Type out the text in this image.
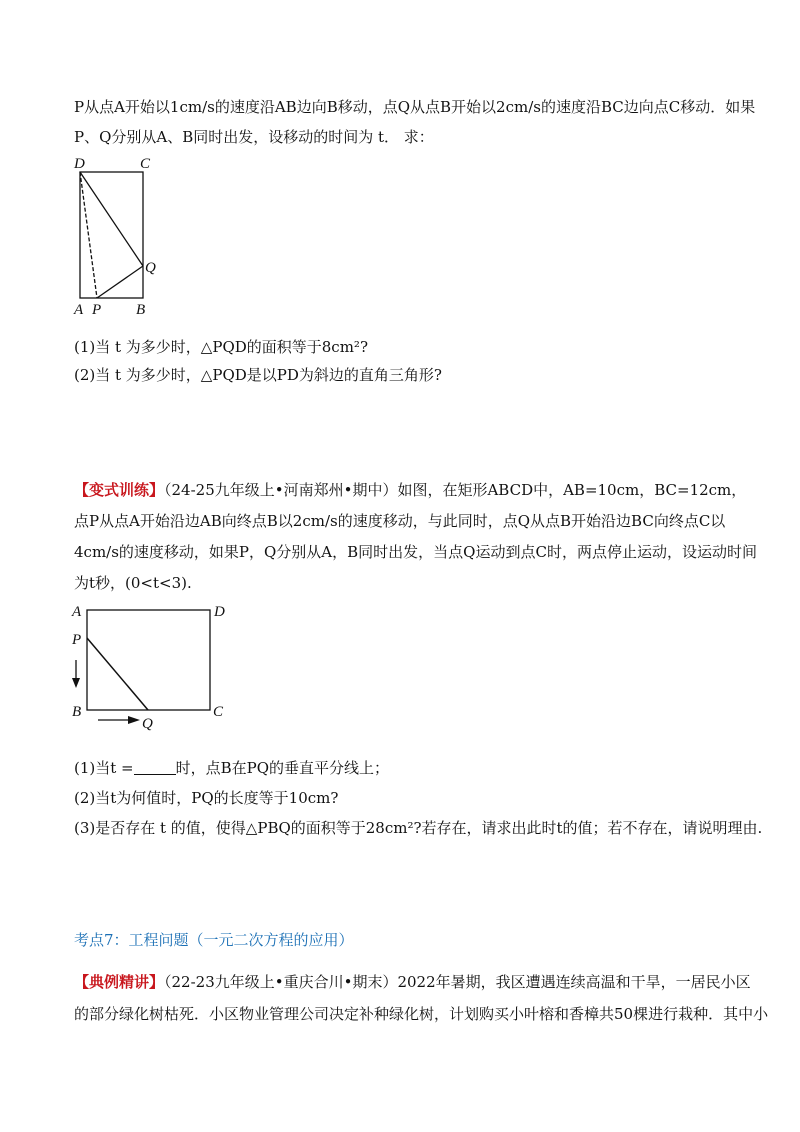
P从点A开始以1cm/s的速度沿AB边向B移动，点Q从点B开始以2cm/s的速度沿BC边向点C移动．如果
P、Q分别从A、B同时出发，设移动的时间为 t． 求：
D	C
Q
A P B
(1)当 t 为多少时，△PQD的面积等于8cm²?
(2)当 t 为多少时，△PQD是以PD为斜边的直角三角形?
【变式训练】（24-25九年级上•河南郑州•期中）如图，在矩形ABCD中，AB=10cm，BC=12cm，
点P从点A开始沿边AB向终点B以2cm/s的速度移动，与此同时，点Q从点B开始沿边BC向终点C以
4cm/s的速度移动，如果P，Q分别从A，B同时出发，当点Q运动到点C时，两点停止运动，设运动时间
为t秒，(0<t<3).
A	D
P
B	C
Q
(1)当t =	时，点B在PQ的垂直平分线上；
(2)当t为何值时，PQ的长度等于10cm?
(3)是否存在 t 的值，使得△PBQ的面积等于28cm²?若存在，请求出此时t的值；若不存在，请说明理由.
考点7：工程问题（一元二次方程的应用）
【典例精讲】（22-23九年级上•重庆合川•期末）2022年暑期，我区遭遇连续高温和干旱，一居民小区
的部分绿化树枯死．小区物业管理公司决定补种绿化树，计划购买小叶榕和香樟共50棵进行栽种．其中小
